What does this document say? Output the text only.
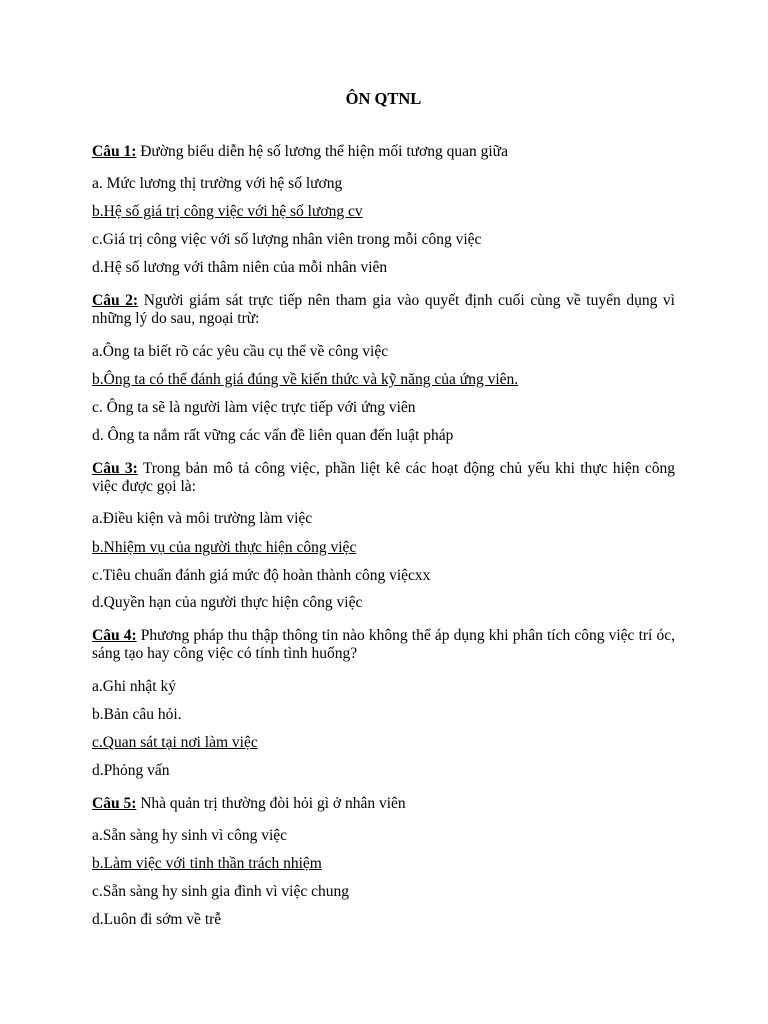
ÔN QTNL

Câu 1: Đường biểu diễn hệ số lương thể hiện mối tương quan giữa

a. Mức lương thị trường với hệ số lương

b.Hệ số giá trị công việc với hệ số lương cv

c.Giá trị công việc với số lượng nhân viên trong mỗi công việc

d.Hệ số lương với thâm niên của mỗi nhân viên

Câu 2: Người giám sát trực tiếp nên tham gia vào quyết định cuối cùng về tuyển dụng vì những lý do sau, ngoại trừ:

a.Ông ta biết rõ các yêu cầu cụ thể về công việc

b.Ông ta có thể đánh giá đúng về kiến thức và kỹ năng của ứng viên.

c. Ông ta sẽ là người làm việc trực tiếp với ứng viên

d. Ông ta nắm rất vững các vấn đề liên quan đến luật pháp

Câu 3: Trong bản mô tả công việc, phần liệt kê các hoạt động chủ yếu khi thực hiện công việc được gọi là:

a.Điều kiện và môi trường làm việc

b.Nhiệm vụ của người thực hiện công việc

c.Tiêu chuẩn đánh giá mức độ hoàn thành công việcxx

d.Quyền hạn của người thực hiện công việc

Câu 4: Phương pháp thu thập thông tin nào không thể áp dụng khi phân tích công việc trí óc, sáng tạo hay công việc có tính tình huống?

a.Ghi nhật ký

b.Bản câu hỏi.

c.Quan sát tại nơi làm việc

d.Phỏng vấn

Câu 5: Nhà quản trị thường đòi hỏi gì ở nhân viên

a.Sẵn sàng hy sinh vì công việc

b.Làm việc với tinh thần trách nhiệm

c.Sẵn sàng hy sinh gia đình vì việc chung

d.Luôn đi sớm về trễ
